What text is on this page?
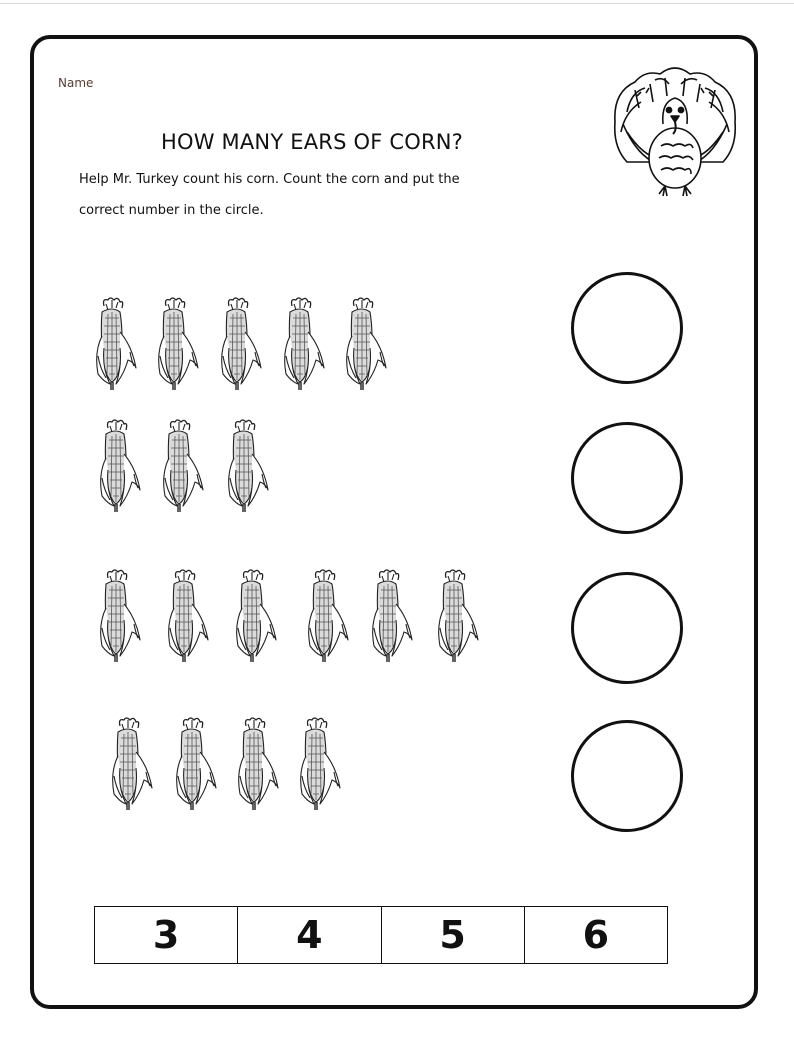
Name
HOW MANY EARS OF CORN?
Help Mr. Turkey count his corn. Count the corn and put the
correct number in the circle.
3	4	5	6
